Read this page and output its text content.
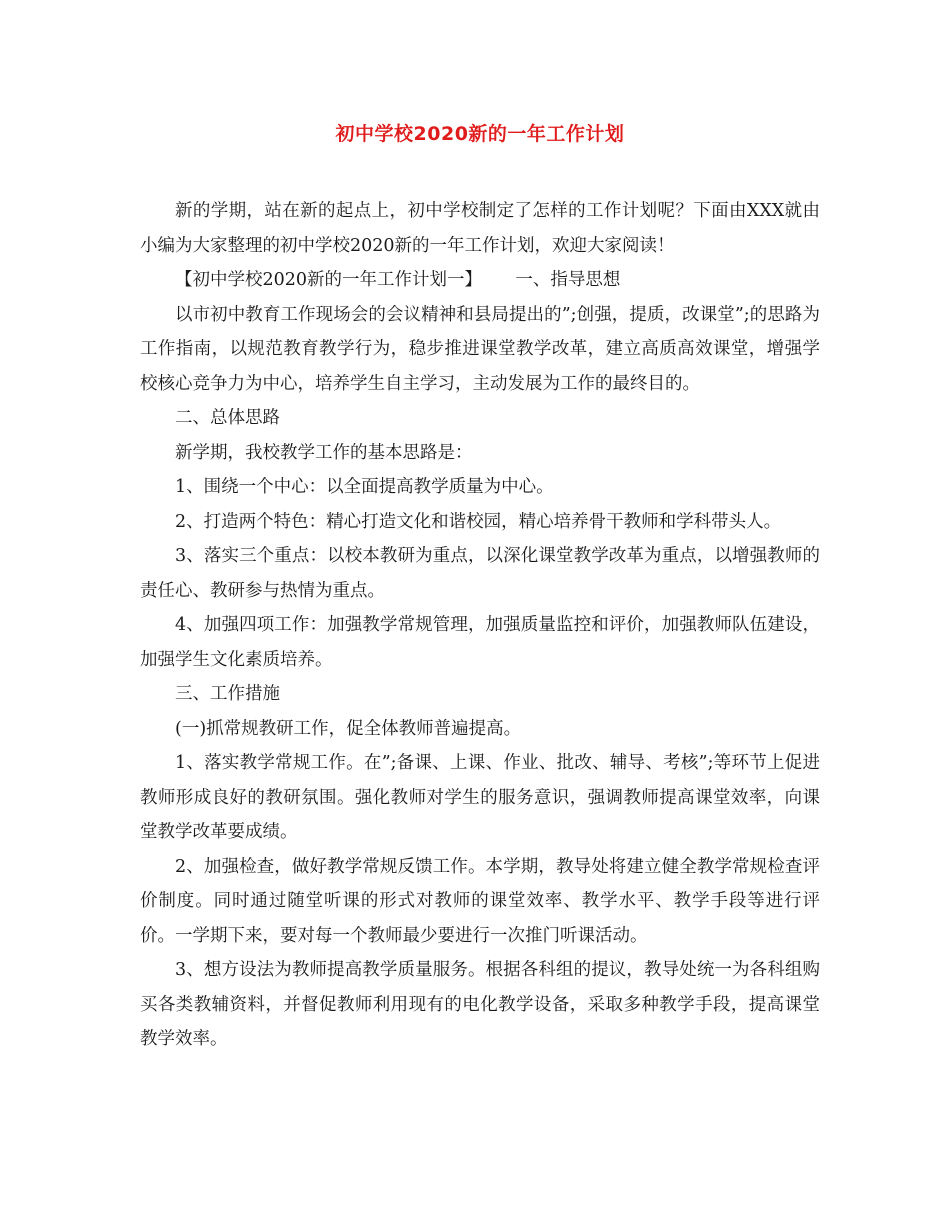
初中学校2020新的一年工作计划

新的学期，站在新的起点上，初中学校制定了怎样的工作计划呢？下面由XXX就由小编为大家整理的初中学校2020新的一年工作计划，欢迎大家阅读！

【初中学校2020新的一年工作计划一】      一、指导思想

以市初中教育工作现场会的会议精神和县局提出的”;创强，提质，改课堂”;的思路为工作指南，以规范教育教学行为，稳步推进课堂教学改革，建立高质高效课堂，增强学校核心竞争力为中心，培养学生自主学习，主动发展为工作的最终目的。

二、总体思路

新学期，我校教学工作的基本思路是：

1、围绕一个中心：以全面提高教学质量为中心。

2、打造两个特色：精心打造文化和谐校园，精心培养骨干教师和学科带头人。

3、落实三个重点：以校本教研为重点，以深化课堂教学改革为重点，以增强教师的责任心、教研参与热情为重点。

4、加强四项工作：加强教学常规管理，加强质量监控和评价，加强教师队伍建设，加强学生文化素质培养。

三、工作措施

(一)抓常规教研工作，促全体教师普遍提高。

1、落实教学常规工作。在”;备课、上课、作业、批改、辅导、考核”;等环节上促进教师形成良好的教研氛围。强化教师对学生的服务意识，强调教师提高课堂效率，向课堂教学改革要成绩。

2、加强检查，做好教学常规反馈工作。本学期，教导处将建立健全教学常规检查评价制度。同时通过随堂听课的形式对教师的课堂效率、教学水平、教学手段等进行评价。一学期下来，要对每一个教师最少要进行一次推门听课活动。

3、想方设法为教师提高教学质量服务。根据各科组的提议，教导处统一为各科组购买各类教辅资料，并督促教师利用现有的电化教学设备，采取多种教学手段，提高课堂教学效率。
